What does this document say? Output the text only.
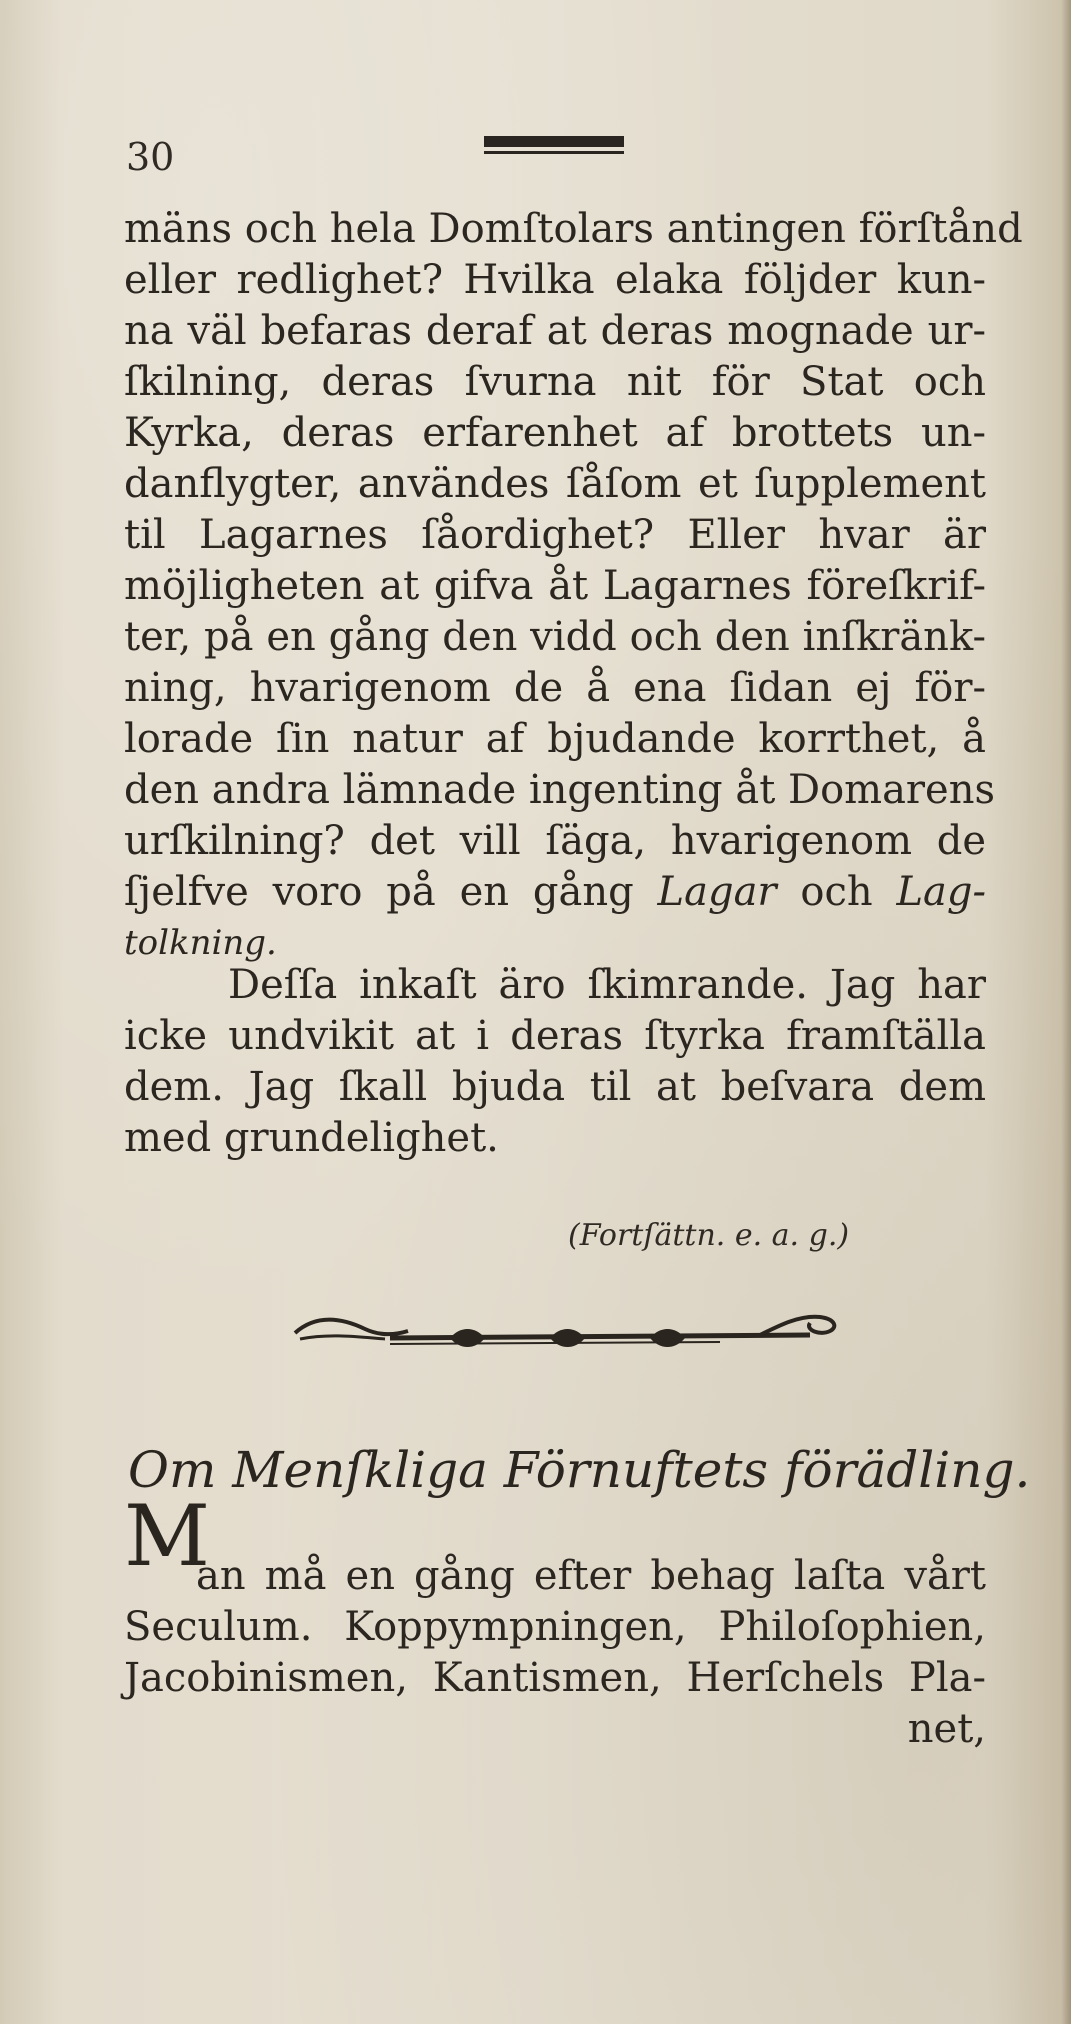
30
mäns och hela Domſtolars antingen förſtånd
eller redlighet? Hvilka elaka följder kun-
na väl befaras deraf at deras mognade ur-
ſkilning, deras ſvurna nit för Stat och
Kyrka, deras erfarenhet af brottets un-
danflygter, användes ſåſom et ſupplement
til Lagarnes ſåordighet? Eller hvar är
möjligheten at gifva åt Lagarnes föreſkrif-
ter, på en gång den vidd och den inſkränk-
ning, hvarigenom de å ena ſidan ej för-
lorade ſin natur af bjudande korrthet, å
den andra lämnade ingenting åt Domarens
urſkilning? det vill ſäga, hvarigenom de
ſjelfve voro på en gång Lagar och Lag-
tolkning.
Deſſa inkaſt äro ſkimrande. Jag har
icke undvikit at i deras ſtyrka framſtälla
dem. Jag ſkall bjuda til at beſvara dem
med grundelighet.
(Fortſättn. e. a. g.)
Om Menſkliga Förnuftets förädling.
M
an må en gång efter behag laſta vårt
Seculum. Koppympningen, Philoſophien,
Jacobinismen, Kantismen, Herſchels Pla-
net,
